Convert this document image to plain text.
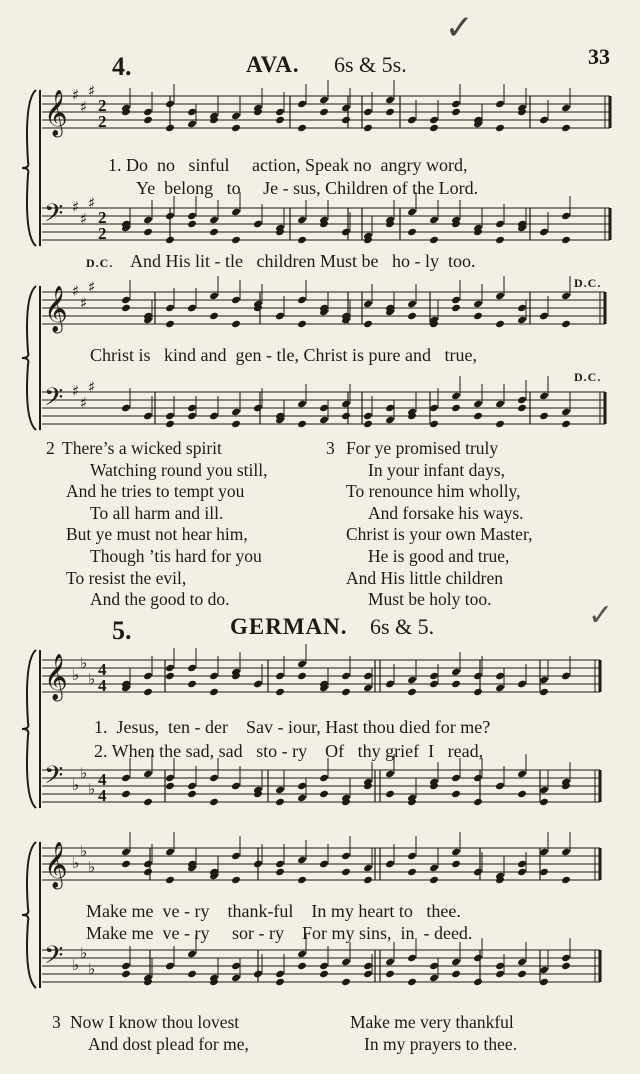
✓
33
4.	AVA. 6s & 5s.
𝄞 ♯
♯
♯
2
2
𝄢 ♯
♯
♯
2
2
𝄞 ♯
♯
♯
𝄢 ♯
♯
♯
𝄞 ♭
♭
♭ 4
4
𝄢 ♭
♭
♭ 4
4
𝄞 ♭
♭
♭
𝄢 ♭
♭
♭
1. Do  no   sinful     action, Speak no  angry word,
Ye  belong   to     Je - sus, Children of the Lord.
D.C. And His lit - tle   children Must be   ho - ly  too.
D.C.
Christ is   kind and  gen - tle, Christ is pure and   true,
D.C.
2

There’s a wicked spirit

Watching round you still,

And he tries to tempt you

To all harm and ill.

But ye must not hear him,

Though ’tis hard for you

To resist the evil,

And the good to do.

3

For ye promised truly

In your infant days,

To renounce him wholly,

And forsake his ways.

Christ is your own Master,

He is good and true,

And His little children

Must be holy too.	✓
5.	GERMAN. 6s & 5.
1.  Jesus,  ten - der    Sav - iour, Hast thou died for me?
2. When the sad, sad   sto - ry    Of   thy grief  I   read,
Make me  ve - ry    thank-ful    In my heart to   thee.
Make me  ve - ry     sor - ry    For my sins,  in  - deed.
3 Now I know thou lovest
And dost plead for me,
Make me very thankful
In my prayers to thee.
